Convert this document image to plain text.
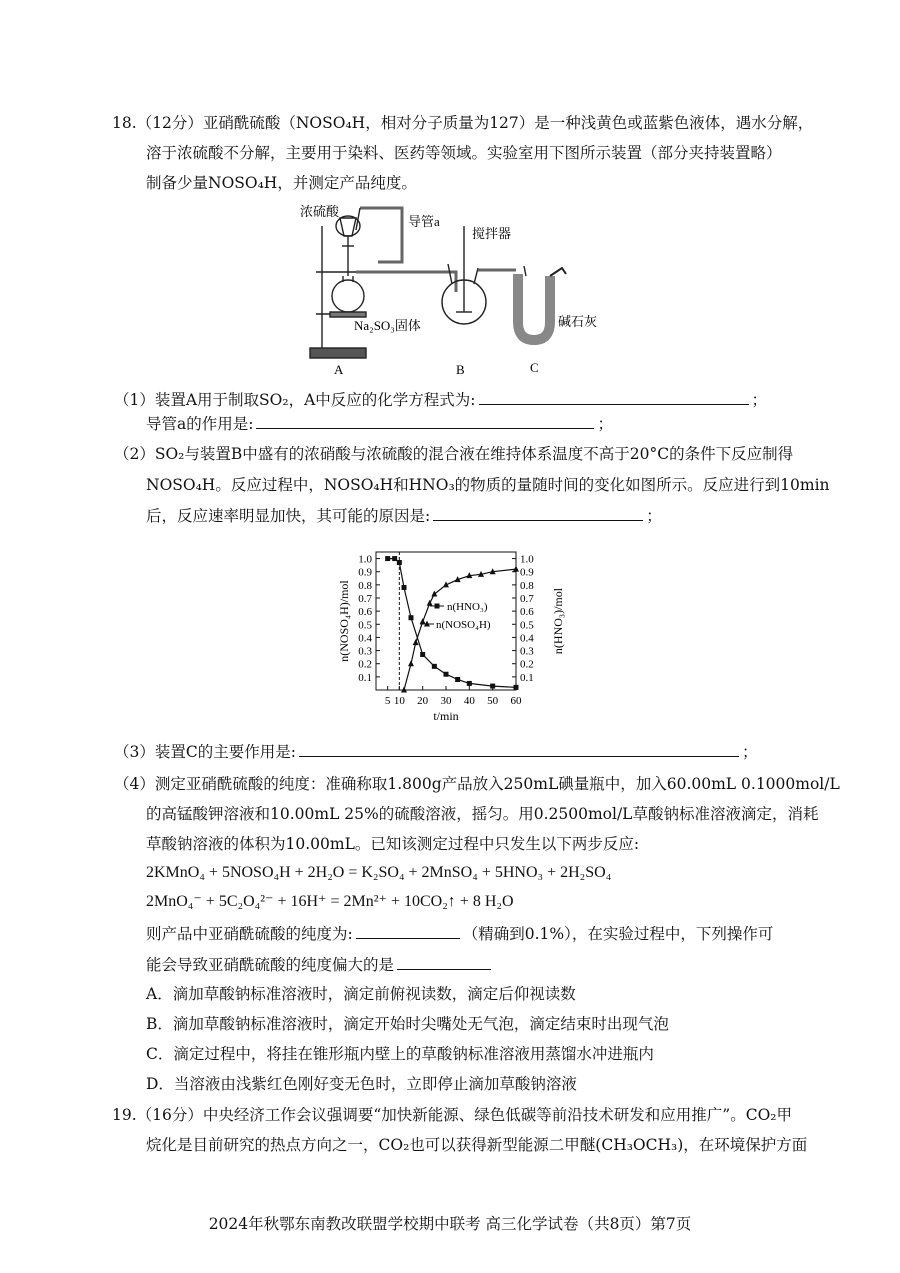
18.（12分）亚硝酰硫酸（NOSO₄H，相对分子质量为127）是一种浅黄色或蓝紫色液体，遇水分解，
溶于浓硫酸不分解，主要用于染料、医药等领域。实验室用下图所示装置（部分夹持装置略）
制备少量NOSO₄H，并测定产品纯度。
浓硫酸
导管a
搅拌器
Na₂SO₃固体	碱石灰
A	B	C
（1）装置A用于制取SO₂，A中反应的化学方程式为:	；
导管a的作用是:	；
（2）SO₂与装置B中盛有的浓硝酸与浓硫酸的混合液在维持体系温度不高于20°C的条件下反应制得
NOSO₄H。反应过程中，NOSO₄H和HNO₃的物质的量随时间的变化如图所示。反应进行到10min
后，反应速率明显加快，其可能的原因是:	；
0.1	0.1
0.2	0.2
0.3	0.3
0.4	0.4
0.5	0.5
0.6	0.6
0.7	0.7
0.8	0.8
0.9	0.9
1.0	1.0
5 10 20 30 40 50 60
t/min
n(NOSO₄H)/mol	n(HNO₃)/mol
n(HNO₃)
n(NOSO₄H)
（3）装置C的主要作用是:	；
（4）测定亚硝酰硫酸的纯度：准确称取1.800g产品放入250mL碘量瓶中，加入60.00mL 0.1000mol/L
的高锰酸钾溶液和10.00mL 25%的硫酸溶液，摇匀。用0.2500mol/L草酸钠标准溶液滴定，消耗
草酸钠溶液的体积为10.00mL。已知该测定过程中只发生以下两步反应:
2KMnO₄ + 5NOSO₄H + 2H₂O = K₂SO₄ + 2MnSO₄ + 5HNO₃ + 2H₂SO₄
2MnO₄⁻ + 5C₂O₄²⁻ + 16H⁺ = 2Mn²⁺ + 10CO₂↑ + 8 H₂O
则产品中亚硝酰硫酸的纯度为:	（精确到0.1%），在实验过程中，下列操作可
能会导致亚硝酰硫酸的纯度偏大的是
A．滴加草酸钠标准溶液时，滴定前俯视读数，滴定后仰视读数
B．滴加草酸钠标准溶液时，滴定开始时尖嘴处无气泡，滴定结束时出现气泡
C．滴定过程中，将挂在锥形瓶内壁上的草酸钠标准溶液用蒸馏水冲进瓶内
D．当溶液由浅紫红色刚好变无色时，立即停止滴加草酸钠溶液
19.（16分）中央经济工作会议强调要“加快新能源、绿色低碳等前沿技术研发和应用推广”。CO₂甲
烷化是目前研究的热点方向之一，CO₂也可以获得新型能源二甲醚(CH₃OCH₃)，在环境保护方面
2024年秋鄂东南教改联盟学校期中联考 高三化学试卷（共8页）第7页
